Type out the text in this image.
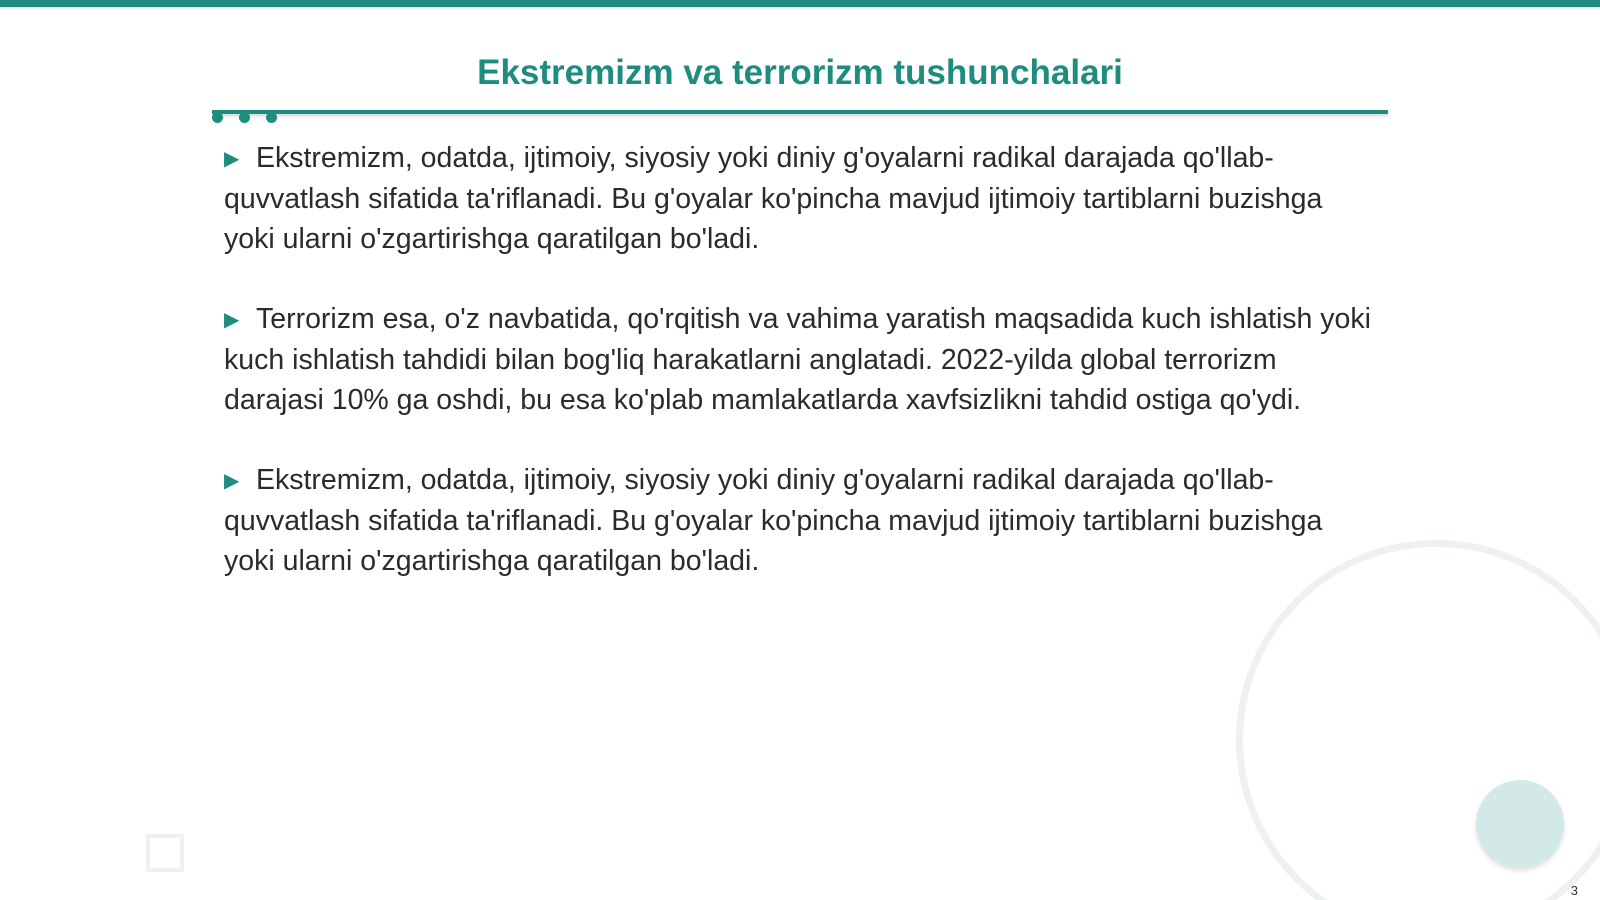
Ekstremizm va terrorizm tushunchalari

▶ Ekstremizm, odatda, ijtimoiy, siyosiy yoki diniy g'oyalarni radikal darajada qo'llab-quvvatlash sifatida ta'riflanadi. Bu g'oyalar ko'pincha mavjud ijtimoiy tartiblarni buzishga yoki ularni o'zgartirishga qaratilgan bo'ladi.

▶ Terrorizm esa, o'z navbatida, qo'rqitish va vahima yaratish maqsadida kuch ishlatish yoki kuch ishlatish tahdidi bilan bog'liq harakatlarni anglatadi. 2022-yilda global terrorizm darajasi 10% ga oshdi, bu esa ko'plab mamlakatlarda xavfsizlikni tahdid ostiga qo'ydi.

▶ Ekstremizm, odatda, ijtimoiy, siyosiy yoki diniy g'oyalarni radikal darajada qo'llab-quvvatlash sifatida ta'riflanadi. Bu g'oyalar ko'pincha mavjud ijtimoiy tartiblarni buzishga yoki ularni o'zgartirishga qaratilgan bo'ladi.

3
